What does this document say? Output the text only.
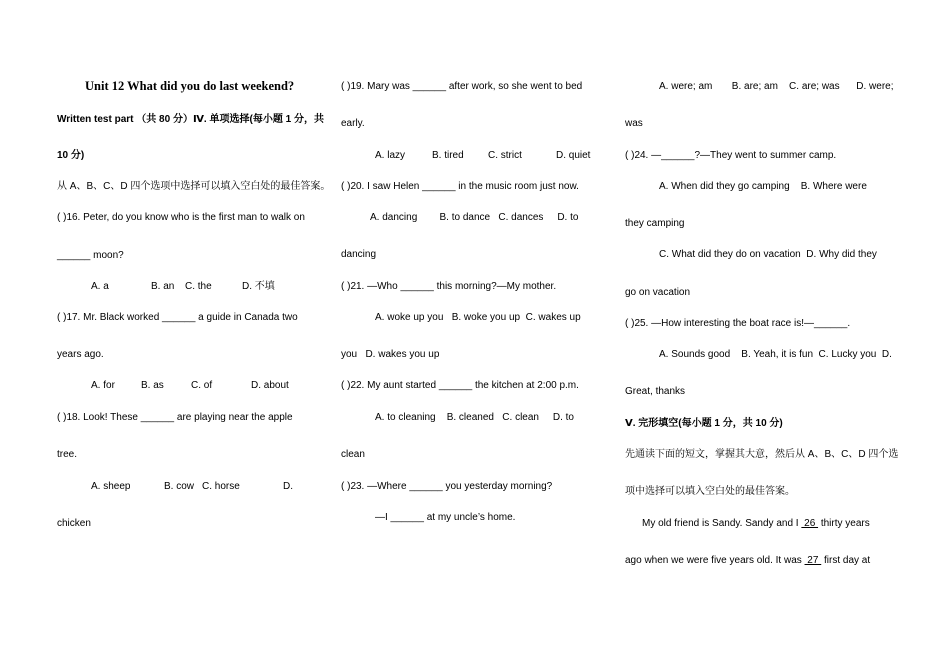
Unit 12 What did you do last weekend?
Written test part （共 80 分）Ⅳ. 单项选择(每小题 1 分，共
10 分)
从 A、B、C、D 四个选项中选择可以填入空白处的最佳答案。
( )16. Peter, do you know who is the first man to walk on
______ moon?
A. a	B. an C. the	D. 不填
( )17. Mr. Black worked ______ a guide in Canada two
years ago.
A. for	B. as	C. of	D. about
( )18. Look! These ______ are playing near the apple
tree.
A. sheep	B. cow C. horse	D.
chicken
( )19. Mary was ______ after work, so she went to bed
early.
A. lazy	B. tired C. strict	D. quiet
( )20. I saw Helen ______ in the music room just now.
A. dancing        B. to dance   C. dances     D. to
dancing
( )21. —Who ______ this morning?—My mother.
A. woke up you   B. woke you up  C. wakes up
you   D. wakes you up
( )22. My aunt started ______ the kitchen at 2:00 p.m.
A. to cleaning    B. cleaned   C. clean     D. to
clean
( )23. —Where ______ you yesterday morning?
—I ______ at my uncle’s home.
A. were; am       B. are; am    C. are; was      D. were;
was
( )24. —______?—They went to summer camp.
A. When did they go camping    B. Where were
they camping
C. What did they do on vacation  D. Why did they
go on vacation
( )25. —How interesting the boat race is!—______.
A. Sounds good    B. Yeah, it is fun  C. Lucky you  D.
Great, thanks
Ⅴ. 完形填空(每小题 1 分，共 10 分)
先通读下面的短文，掌握其大意，然后从 A、B、C、D 四个选
项中选择可以填入空白处的最佳答案。
My old friend is Sandy. Sandy and I  26  thirty years
ago when we were five years old. It was  27  first day at
